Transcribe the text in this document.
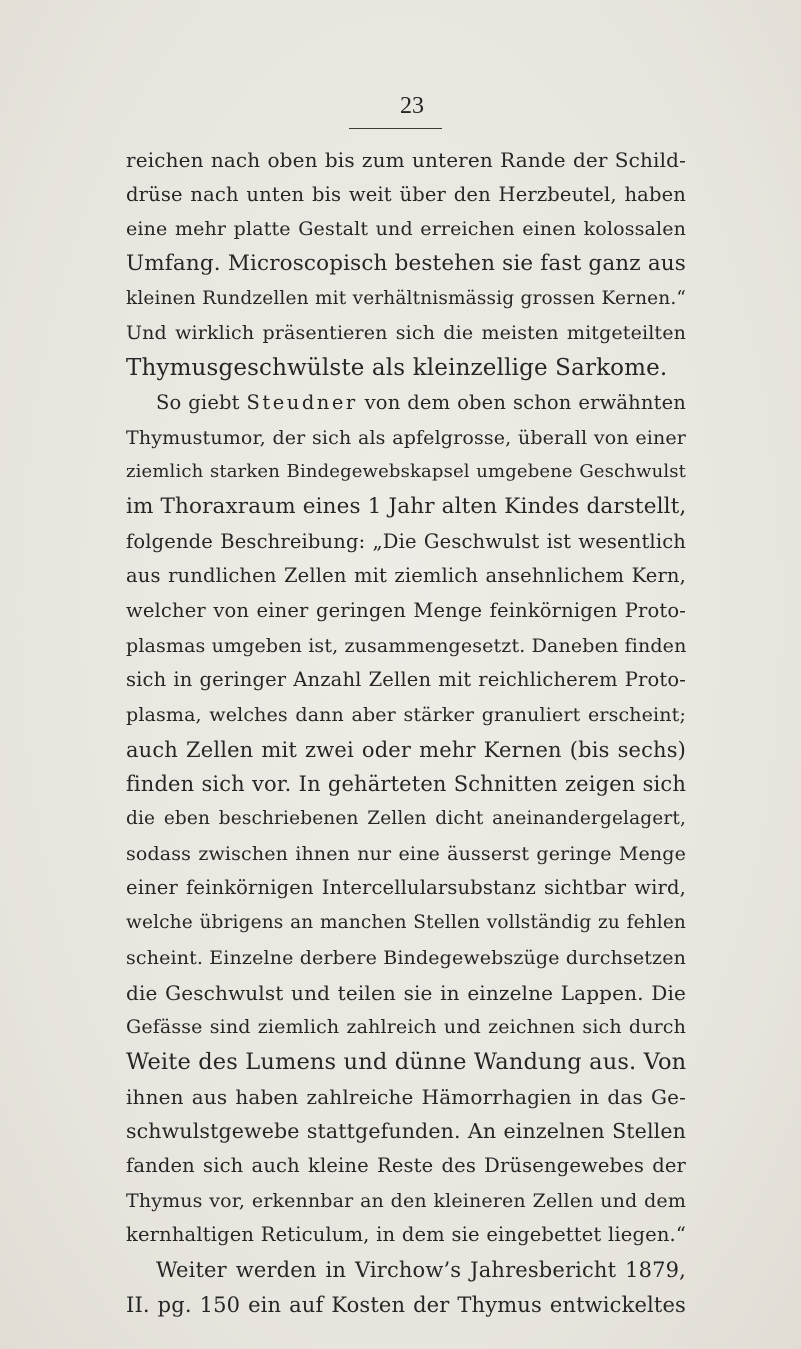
23
reichen nach oben bis zum unteren Rande der Schild-
drüse nach unten bis weit über den Herzbeutel, haben
eine mehr platte Gestalt und erreichen einen kolossalen
Umfang. Microscopisch bestehen sie fast ganz aus
kleinen Rundzellen mit verhältnismässig grossen Kernen.“
Und wirklich präsentieren sich die meisten mitgeteilten
Thymusgeschwülste als kleinzellige Sarkome.
So giebt Steudner von dem oben schon erwähnten
Thymustumor, der sich als apfelgrosse, überall von einer
ziemlich starken Bindegewebskapsel umgebene Geschwulst
im Thoraxraum eines 1 Jahr alten Kindes darstellt,
folgende Beschreibung: „Die Geschwulst ist wesentlich
aus rundlichen Zellen mit ziemlich ansehnlichem Kern,
welcher von einer geringen Menge feinkörnigen Proto-
plasmas umgeben ist, zusammengesetzt. Daneben finden
sich in geringer Anzahl Zellen mit reichlicherem Proto-
plasma, welches dann aber stärker granuliert erscheint;
auch Zellen mit zwei oder mehr Kernen (bis sechs)
finden sich vor. In gehärteten Schnitten zeigen sich
die eben beschriebenen Zellen dicht aneinandergelagert,
sodass zwischen ihnen nur eine äusserst geringe Menge
einer feinkörnigen Intercellularsubstanz sichtbar wird,
welche übrigens an manchen Stellen vollständig zu fehlen
scheint. Einzelne derbere Bindegewebszüge durchsetzen
die Geschwulst und teilen sie in einzelne Lappen. Die
Gefässe sind ziemlich zahlreich und zeichnen sich durch
Weite des Lumens und dünne Wandung aus. Von
ihnen aus haben zahlreiche Hämorrhagien in das Ge-
schwulstgewebe stattgefunden. An einzelnen Stellen
fanden sich auch kleine Reste des Drüsengewebes der
Thymus vor, erkennbar an den kleineren Zellen und dem
kernhaltigen Reticulum, in dem sie eingebettet liegen.“
Weiter werden in Virchow’s Jahresbericht 1879,
II. pg. 150 ein auf Kosten der Thymus entwickeltes
